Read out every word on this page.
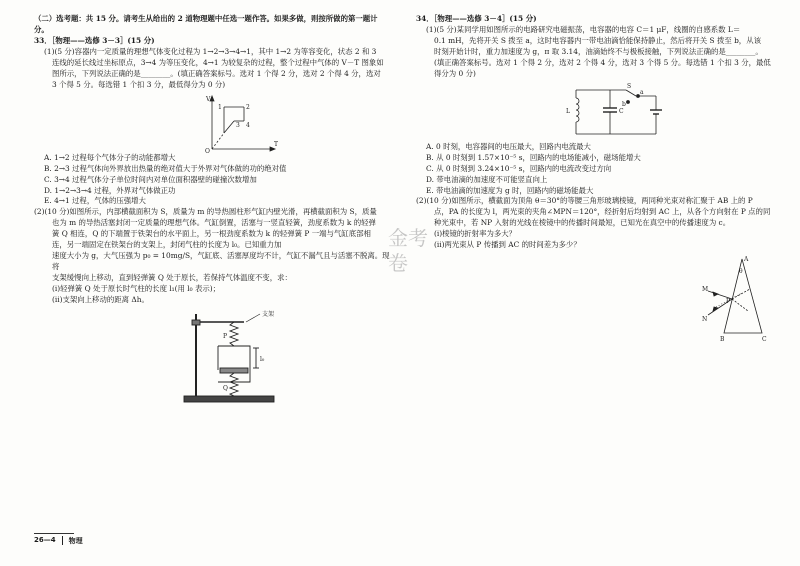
（二）选考题：共 15 分。请考生从给出的 2 道物理题中任选一题作答。如果多做，则按所做的第一题计分。

33．［物理——选修 3－3］(15 分)

(1)(5 分)容器内一定质量的理想气体变化过程为 1→2→3→4→1，其中 1→2 为等容变化，状态 2 和 3

连线的延长线过坐标原点，3→4 为等压变化，4→1 为较复杂的过程，整个过程中气体的 V－T 图象如

图所示，下列说法正确的是________。(填正确答案标号。选对 1 个得 2 分，选对 2 个得 4 分，选对

3 个得 5 分。每选错 1 个扣 3 分，最低得分为 0 分)

V
T
O
1	2
3 4

A. 1→2 过程每个气体分子的动能都增大

B. 2→3 过程气体向外界放出热量的绝对值大于外界对气体做的功的绝对值

C. 3→4 过程气体分子单位时间内对单位面积器壁的碰撞次数增加

D. 1→2→3→4 过程，外界对气体做正功

E. 4→1 过程，气体的压强增大

(2)(10 分)如图所示，内部横截面积为 S，质量为 m 的导热圆柱形气缸内壁光滑，再横截面积为 S，质量

也为 m 的导热活塞封闭一定质量的理想气体。气缸倒置，活塞与一竖直轻簧，劲度系数为 k 的轻弹

簧 Q 相连，Q 的下端置于铁架台的水平面上，另一根劲度系数为 k 的轻弹簧 P 一端与气缸底部相

连，另一端固定在铁架台的支架上，封闭气柱的长度为 l₀。已知重力加

速度大小为 g，大气压强为 p₀ = 10mg/S，气缸底、活塞厚度均不计，气缸不漏气且与活塞不脱离。现将

支架缓慢向上移动，直到轻弹簧 Q 处于原长，若保持气体温度不变，求：

(ⅰ)轻弹簧 Q 处于原长时气柱的长度 l₁(用 l₀ 表示)；

(ⅱ)支架向上移动的距离 Δh。

支架
P
Q
l₀
金考卷

34．［物理——选修 3－4］(15 分)

(1)(5 分)某同学用如图所示的电路研究电磁振荡，电容器的电容 C＝1 μF，线圈的自感系数 L＝

0.1 mH，先将开关 S 拨至 a，这时电容器内一带电油滴恰能保持静止，然后将开关 S 拨至 b，从该

时刻开始计时，重力加速度为 g，π 取 3.14，油滴始终不与极板接触，下列说法正确的是________。

(填正确答案标号。选对 1 个得 2 分，选对 2 个得 4 分，选对 3 个得 5 分。每选错 1 个扣 3 分，最低

得分为 0 分)

L	C
S
a
b

A. 0 时刻，电容器间的电压最大，回路内电流最大

B. 从 0 时刻到 1.57×10⁻⁵ s，回路内的电场能减小，磁场能增大

C. 从 0 时刻到 3.24×10⁻⁵ s，回路内的电流改变过方向

D. 带电油滴的加速度不可能竖直向上

E. 带电油滴的加速度为 g 时，回路内的磁场能最大

(2)(10 分)如图所示，横截面为顶角 θ＝30°的等腰三角形玻璃棱镜，两同种光束对称汇聚于 AB 上的 P

点，PA 的长度为 l，两光束的夹角∠MPN＝120°，经折射后均射到 AC 上，从各个方向射在 P 点的同

种光束中，若 NP 入射的光线在棱镜中的传播时间最短，已知光在真空中的传播速度为 c。

(ⅰ)棱镜的折射率为多大？

(ⅱ)两光束从 P 传播到 AC 的时间差为多少？

A
B	C
M
N
P
θ
26—4 物理
